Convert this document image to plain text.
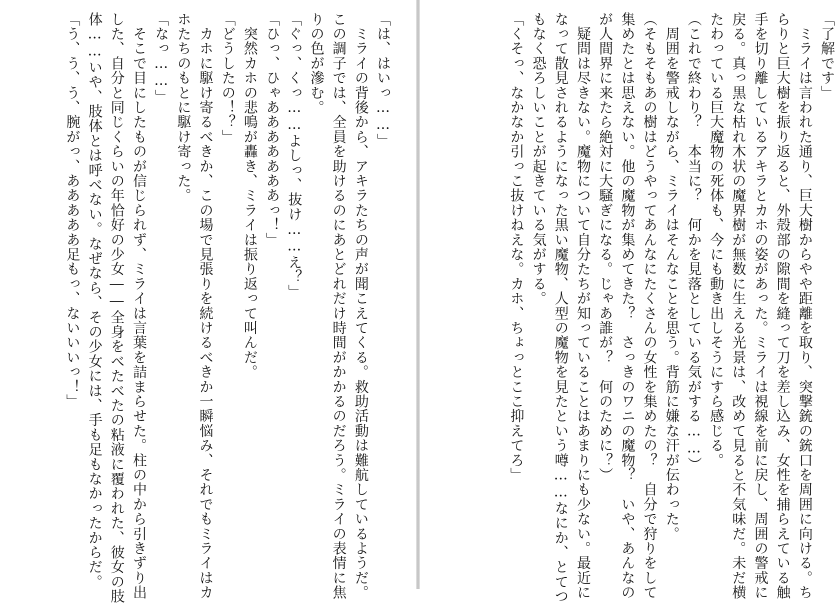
「は、はいっ……」
　ミライの背後から、アキラたちの声が聞こえてくる。救助活動は難航しているようだ。
この調子では、全員を助けるのにあとどれだけ時間がかかるのだろう。ミライの表情に焦
りの色が滲む。
「ぐっ、くっ……よしっ、抜け……え？」
「ひっ、ひゃあああああああっ！」
　突然カホの悲鳴が轟き、ミライは振り返って叫んだ。
「どうしたの！？」
　カホに駆け寄るべきか、この場で見張りを続けるべきか一瞬悩み、それでもミライはカ
ホたちのもとに駆け寄った。
「なっ……」
　そこで目にしたものが信じられず、ミライは言葉を詰まらせた。柱の中から引きずり出
した、自分と同じくらいの年恰好の少女――全身をべたべたの粘液に覆われた、彼女の肢
体……いや、肢体とは呼べない。なぜなら、その少女には、手も足もなかったからだ。
「う、う、う、腕がっ、あああああ足もっ、ないいいっ！」	「了解です」
　ミライは言われた通り、巨大樹からやや距離を取り、突撃銃の銃口を周囲に向ける。ち
らりと巨大樹を振り返ると、外殻部の隙間を縫って刀を差し込み、女性を捕らえている触
手を切り離しているアキラとカホの姿があった。ミライは視線を前に戻し、周囲の警戒に
戻る。真っ黒な枯れ木状の魔界樹が無数に生える光景は、改めて見ると不気味だ。未だ横
たわっている巨大魔物の死体も、今にも動き出しそうにすら感じる。
（これで終わり？　本当に？　何かを見落としている気がする……）
　周囲を警戒しながら、ミライはそんなことを思う。背筋に嫌な汗が伝わった。
（そもそもあの樹はどうやってあんなにたくさんの女性を集めたの？　自分で狩りをして
集めたとは思えない。他の魔物が集めてきた？　さっきのワニの魔物？　いや、あんなの
が人間界に来たら絶対に大騒ぎになる。じゃあ誰が？　何のために？）
　疑問は尽きない。魔物について自分たちが知っていることはあまりにも少ない。最近に
なって散見されるようになった黒い魔物、人型の魔物を見たという噂……なにか、とてつ
もなく恐ろしいことが起きている気がする。
「くそっ、なかなか引っこ抜けねえな。カホ、ちょっとここ抑えてろ」
